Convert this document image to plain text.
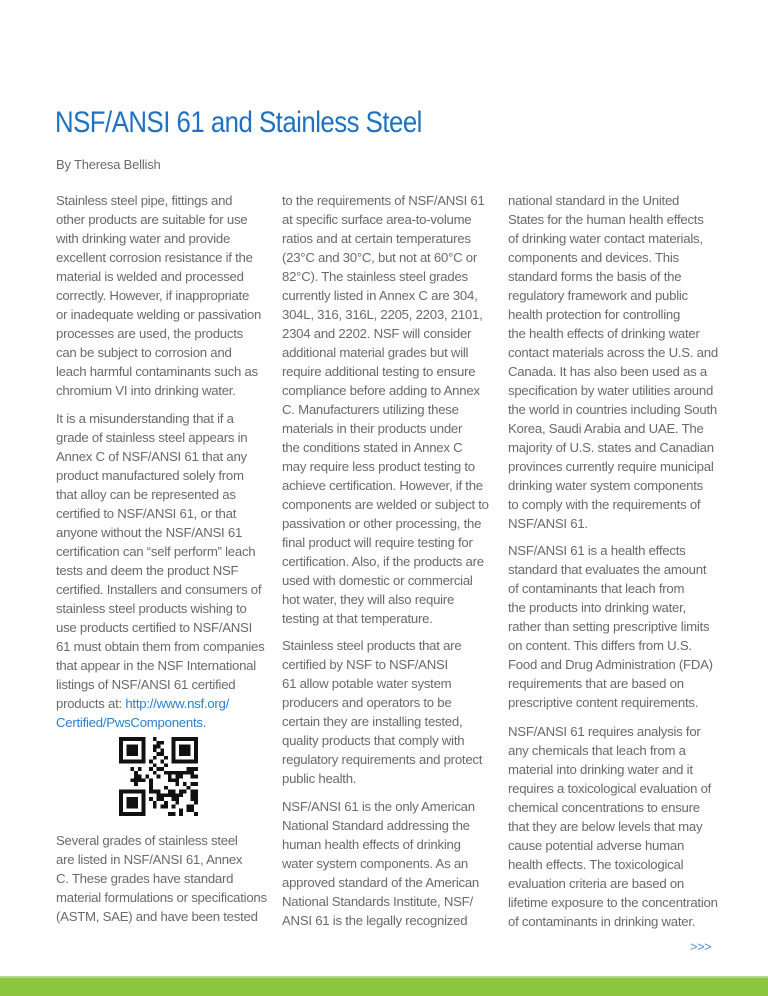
NSF/ANSI 61 and Stainless Steel
By Theresa Bellish
Stainless steel pipe, fittings and
other products are suitable for use
with drinking water and provide
excellent corrosion resistance if the
material is welded and processed
correctly. However, if inappropriate
or inadequate welding or passivation
processes are used, the products
can be subject to corrosion and
leach harmful contaminants such as
chromium VI into drinking water.
It is a misunderstanding that if a
grade of stainless steel appears in
Annex C of NSF/ANSI 61 that any
product manufactured solely from
that alloy can be represented as
certified to NSF/ANSI 61, or that
anyone without the NSF/ANSI 61
certification can “self perform” leach
tests and deem the product NSF
certified. Installers and consumers of
stainless steel products wishing to
use products certified to NSF/ANSI
61 must obtain them from companies
that appear in the NSF International
listings of NSF/ANSI 61 certified
products at: http://www.nsf.org/
Certified/PwsComponents.
Several grades of stainless steel
are listed in NSF/ANSI 61, Annex
C. These grades have standard
material formulations or specifications
(ASTM, SAE) and have been tested
to the requirements of NSF/ANSI 61
at specific surface area-to-volume
ratios and at certain temperatures
(23°C and 30°C, but not at 60°C or
82°C). The stainless steel grades
currently listed in Annex C are 304,
304L, 316, 316L, 2205, 2203, 2101,
2304 and 2202. NSF will consider
additional material grades but will
require additional testing to ensure
compliance before adding to Annex
C. Manufacturers utilizing these
materials in their products under
the conditions stated in Annex C
may require less product testing to
achieve certification. However, if the
components are welded or subject to
passivation or other processing, the
final product will require testing for
certification. Also, if the products are
used with domestic or commercial
hot water, they will also require
testing at that temperature.
Stainless steel products that are
certified by NSF to NSF/ANSI
61 allow potable water system
producers and operators to be
certain they are installing tested,
quality products that comply with
regulatory requirements and protect
public health.
NSF/ANSI 61 is the only American
National Standard addressing the
human health effects of drinking
water system components. As an
approved standard of the American
National Standards Institute, NSF/
ANSI 61 is the legally recognized
national standard in the United
States for the human health effects
of drinking water contact materials,
components and devices. This
standard forms the basis of the
regulatory framework and public
health protection for controlling
the health effects of drinking water
contact materials across the U.S. and
Canada. It has also been used as a
specification by water utilities around
the world in countries including South
Korea, Saudi Arabia and UAE. The
majority of U.S. states and Canadian
provinces currently require municipal
drinking water system components
to comply with the requirements of
NSF/ANSI 61.
NSF/ANSI 61 is a health effects
standard that evaluates the amount
of contaminants that leach from
the products into drinking water,
rather than setting prescriptive limits
on content. This differs from U.S.
Food and Drug Administration (FDA)
requirements that are based on
prescriptive content requirements.
NSF/ANSI 61 requires analysis for
any chemicals that leach from a
material into drinking water and it
requires a toxicological evaluation of
chemical concentrations to ensure
that they are below levels that may
cause potential adverse human
health effects. The toxicological
evaluation criteria are based on
lifetime exposure to the concentration
of contaminants in drinking water.
>>>
